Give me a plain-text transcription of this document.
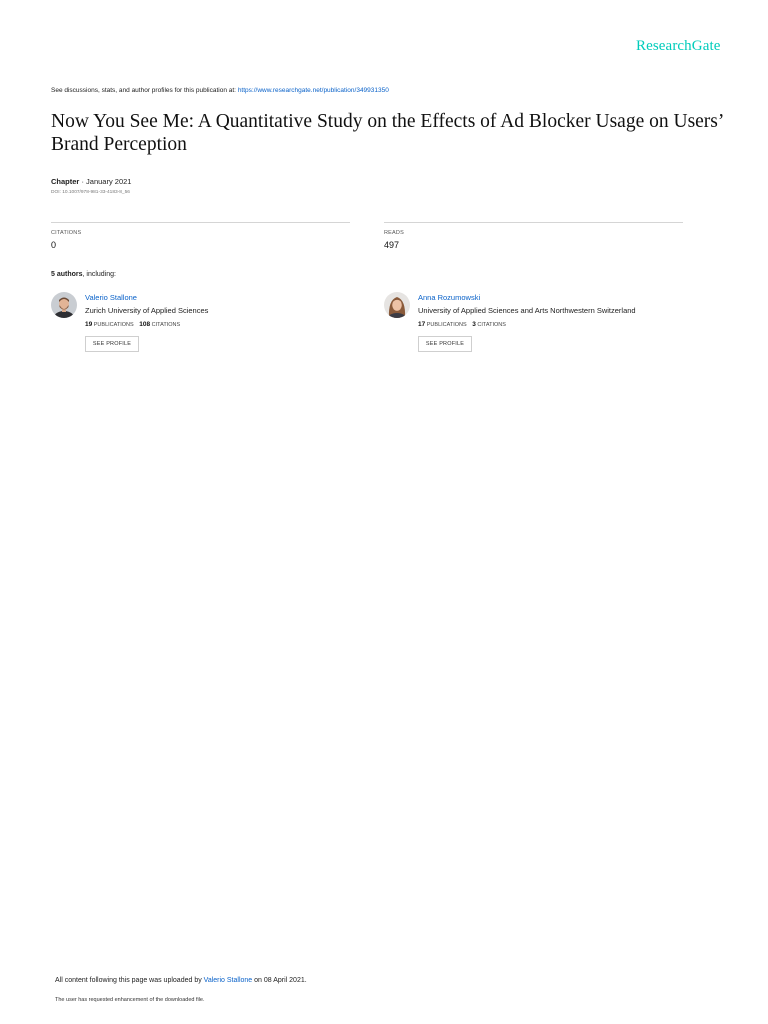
ResearchGate
See discussions, stats, and author profiles for this publication at: https://www.researchgate.net/publication/349931350
Now You See Me: A Quantitative Study on the Effects of Ad Blocker Usage on Users’ Brand Perception
Chapter · January 2021
DOI: 10.1007/978-981-33-4183-8_56
CITATIONS
0
READS
497
5 authors, including:
Valerio Stallone
Zurich University of Applied Sciences
19 PUBLICATIONS 108 CITATIONS
SEE PROFILE
Anna Rozumowski
University of Applied Sciences and Arts Northwestern Switzerland
17 PUBLICATIONS 3 CITATIONS
SEE PROFILE
All content following this page was uploaded by Valerio Stallone on 08 April 2021.
The user has requested enhancement of the downloaded file.
